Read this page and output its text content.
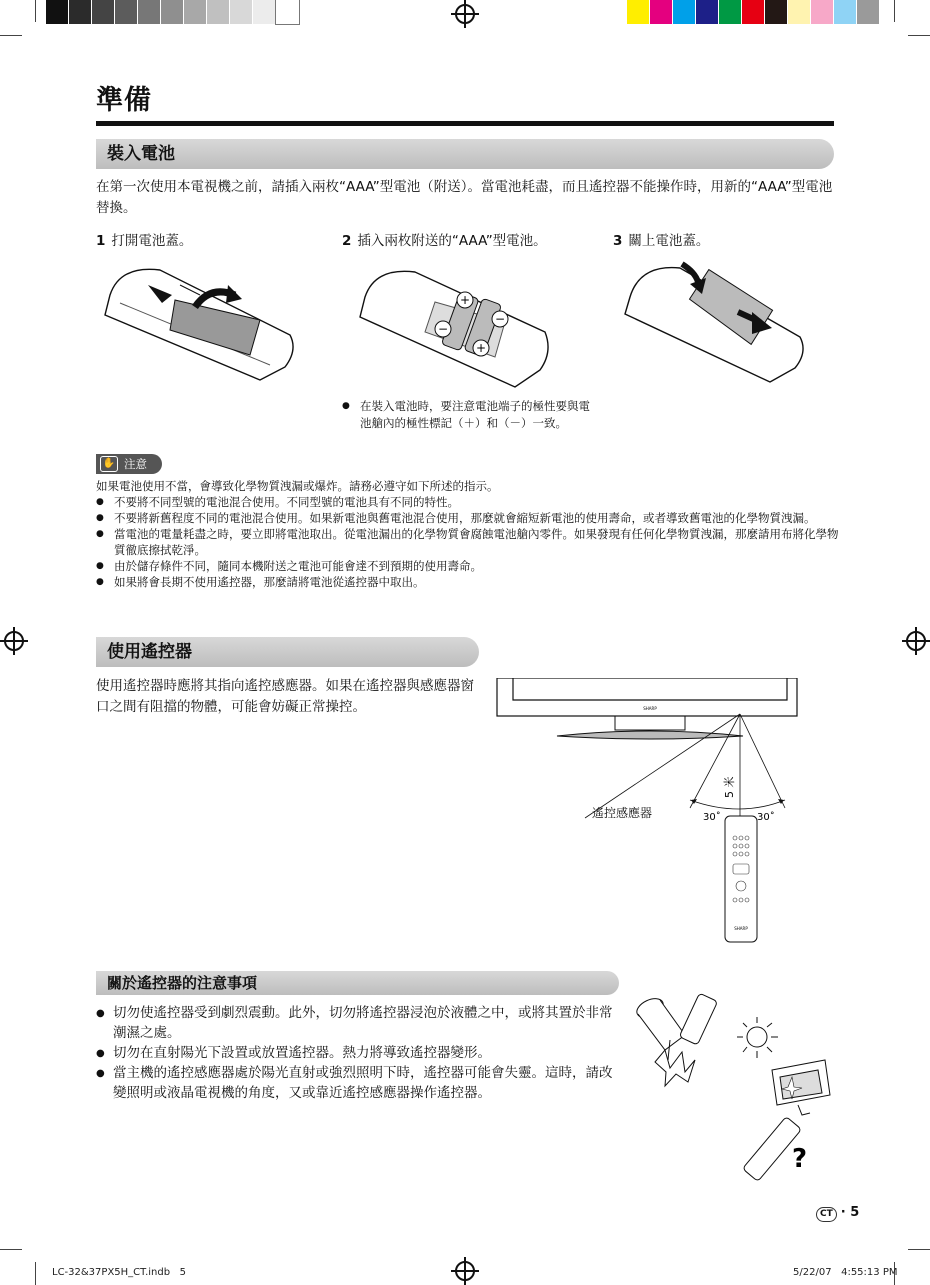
準備
裝入電池
在第一次使用本電視機之前，請插入兩枚“AAA”型電池（附送）。當電池耗盡，而且遙控器不能操作時，用新的“AAA”型電池替換。
1 打開電池蓋。	2 插入兩枚附送的“AAA”型電池。	3 關上電池蓋。
+
−
−
+
● 在裝入電池時，要注意電池端子的極性要與電池艙內的極性標記（＋）和（－）一致。
✋ 注意
如果電池使用不當，會導致化學物質洩漏或爆炸。請務必遵守如下所述的指示。
● 不要將不同型號的電池混合使用。不同型號的電池具有不同的特性。
● 不要將新舊程度不同的電池混合使用。如果新電池與舊電池混合使用，那麼就會縮短新電池的使用壽命，或者導致舊電池的化學物質洩漏。
● 當電池的電量耗盡之時，要立即將電池取出。從電池漏出的化學物質會腐蝕電池艙內零件。如果發現有任何化學物質洩漏，那麼請用布將化學物質徹底擦拭乾淨。
● 由於儲存條件不同，隨同本機附送之電池可能會達不到預期的使用壽命。
● 如果將會長期不使用遙控器，那麼請將電池從遙控器中取出。
使用遙控器
使用遙控器時應將其指向遙控感應器。如果在遙控器與感應器窗口之間有阻擋的物體，可能會妨礙正常操控。	SHARP
5 米
30˚	30˚
SHARP
遙控感應器
關於遙控器的注意事項
● 切勿使遙控器受到劇烈震動。此外，切勿將遙控器浸泡於液體之中，或將其置於非常潮濕之處。
● 切勿在直射陽光下設置或放置遙控器。熱力將導致遙控器變形。
● 當主機的遙控感應器處於陽光直射或強烈照明下時，遙控器可能會失靈。這時，請改變照明或液晶電視機的角度，又或靠近遙控感應器操作遙控器。
?
CT · 5
LC-32&37PX5H_CT.indb   5	5/22/07   4:55:13 PM
